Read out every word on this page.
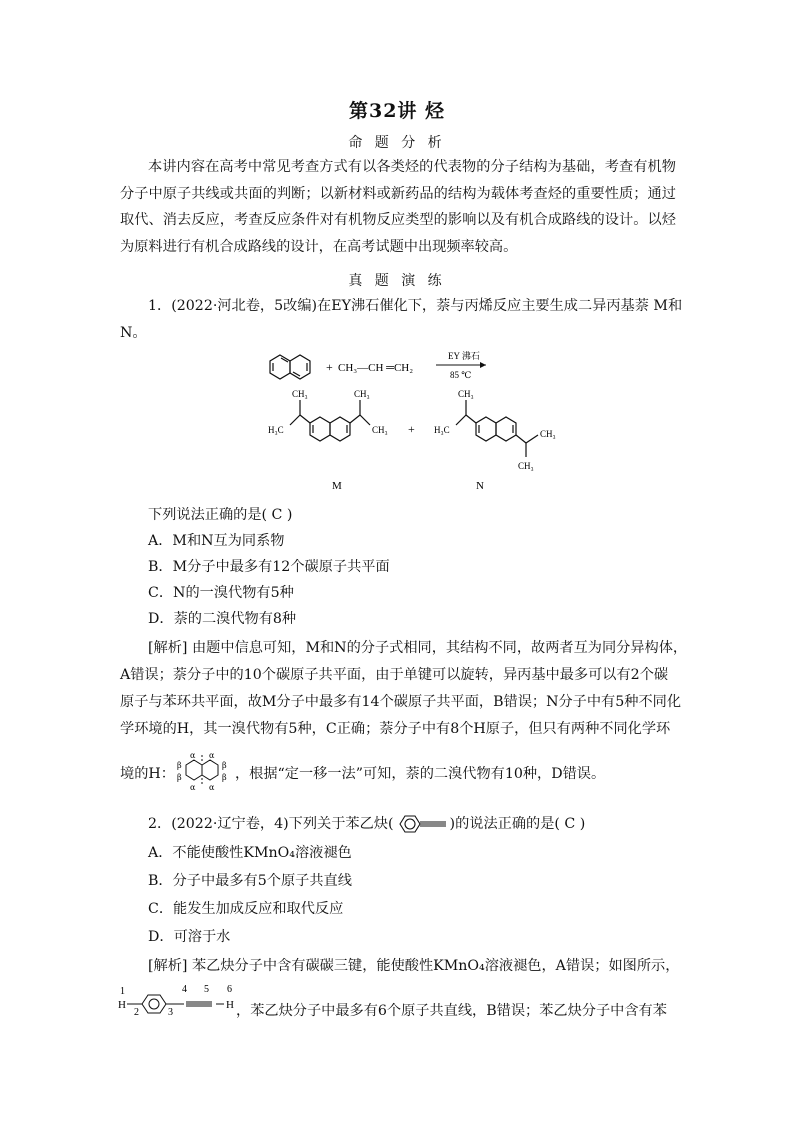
第32讲 烃
命 题 分 析

本讲内容在高考中常见考查方式有以各类烃的代表物的分子结构为基础，考查有机物分子中原子共线或共面的判断；以新材料或新药品的结构为载体考查烃的重要性质；通过取代、消去反应，考查反应条件对有机物反应类型的影响以及有机合成路线的设计。以烃为原料进行有机合成路线的设计，在高考试题中出现频率较高。

真 题 演 练
1．(2022·河北卷，5改编)在EY沸石催化下，萘与丙烯反应主要生成二异丙基萘 M和
N。
+ CH₃—CH ═CH₂
EY 沸石
85 ℃
CH₃	CH₃
H₃C	CH₃ +
CH₃
H₃C	CH₃
CH₃
M	N
下列说法正确的是( C )
A．M和N互为同系物
B．M分子中最多有12个碳原子共平面
C．N的一溴代物有5种
D．萘的二溴代物有8种
[解析] 由题中信息可知，M和N的分子式相同，其结构不同，故两者互为同分异构体，
A错误；萘分子中的10个碳原子共平面，由于单键可以旋转，异丙基中最多可以有2个碳
原子与苯环共平面，故M分子中最多有14个碳原子共平面，B错误；N分子中有5种不同化
学环境的H，其一溴代物有5种，C正确；萘分子中有8个H原子，但只有两种不同化学环
境的H：
α α
α α
β
β
β
β ，根据“定一移一法”可知，萘的二溴代物有10种，D错误。
2．(2022·辽宁卷，4)下列关于苯乙炔(	)的说法正确的是( C )
A．不能使酸性KMnO₄溶液褪色
B．分子中最多有5个原子共直线
C．能发生加成反应和取代反应
D．可溶于水
[解析] 苯乙炔分子中含有碳碳三键，能使酸性KMnO₄溶液褪色，A错误；如图所示，
1
H
2	3
4 5 6
H ，苯乙炔分子中最多有6个原子共直线，B错误；苯乙炔分子中含有苯
